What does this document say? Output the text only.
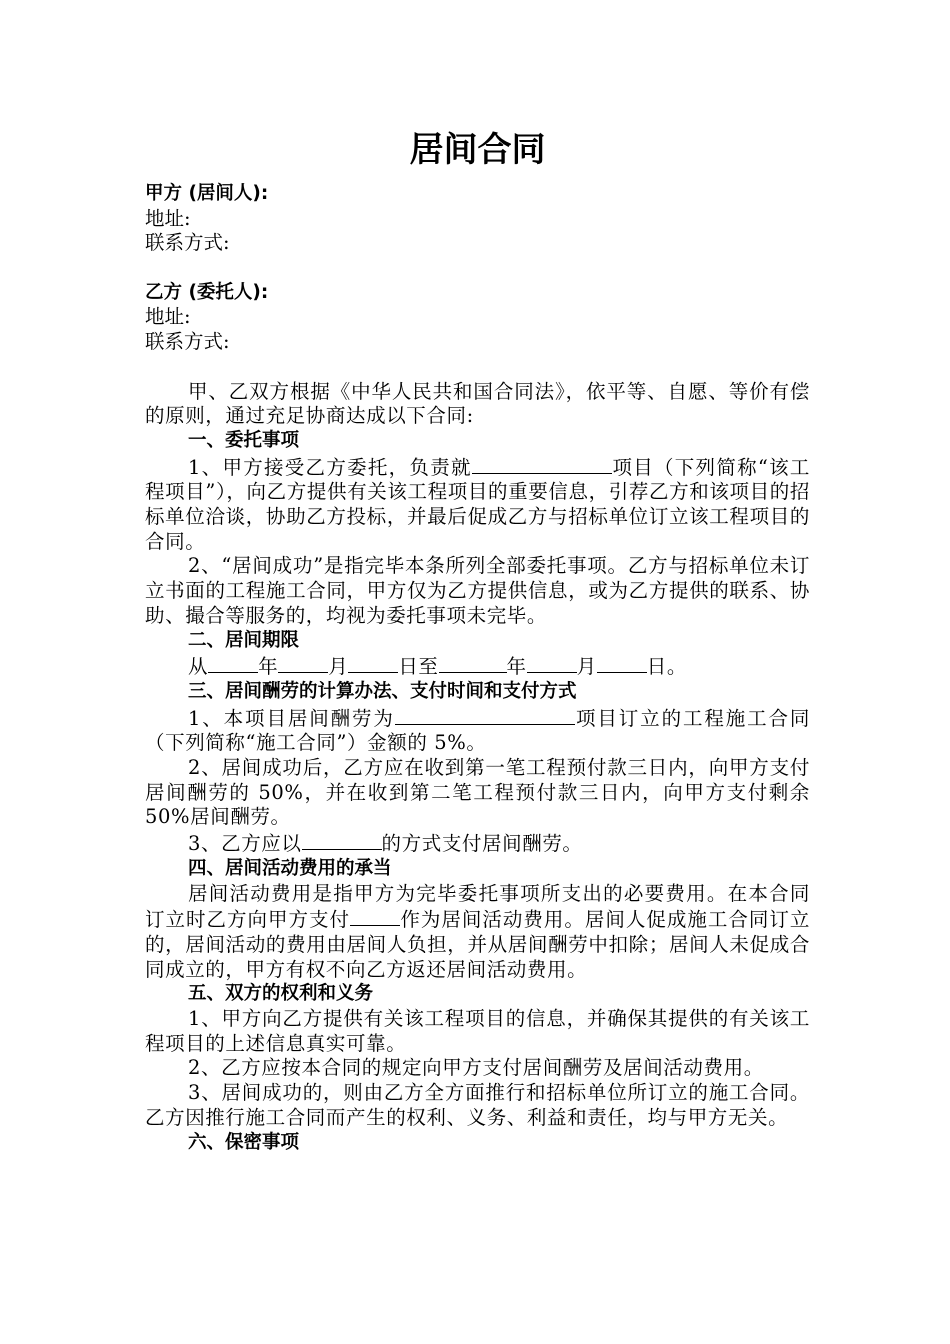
居间合同
甲方 (居间人):
地址:
联系方式:
乙方 (委托人):
地址:
联系方式:
甲、乙双方根据《中华人民共和国合同法》，依平等、自愿、等价有偿的原则，通过充足协商达成以下合同:
一、委托事项
1、甲方接受乙方委托，负责就	项目（下列简称“该工程项目”），向乙方提供有关该工程项目的重要信息，引荐乙方和该项目的招标单位洽谈，协助乙方投标，并最后促成乙方与招标单位订立该工程项目的合同。
2、“居间成功”是指完毕本条所列全部委托事项。乙方与招标单位未订立书面的工程施工合同，甲方仅为乙方提供信息，或为乙方提供的联系、协助、撮合等服务的，均视为委托事项未完毕。
二、居间期限
从	年	月	日至	年	月	日。
三、居间酬劳的计算办法、支付时间和支付方式
1、本项目居间酬劳为	项目订立的工程施工合同（下列简称“施工合同”）金额的 5%。
2、居间成功后，乙方应在收到第一笔工程预付款三日内，向甲方支付居间酬劳的 50%，并在收到第二笔工程预付款三日内，向甲方支付剩余 50%居间酬劳。
3、乙方应以	的方式支付居间酬劳。
四、居间活动费用的承当
居间活动费用是指甲方为完毕委托事项所支出的必要费用。在本合同订立时乙方向甲方支付	作为居间活动费用。居间人促成施工合同订立的，居间活动的费用由居间人负担，并从居间酬劳中扣除；居间人未促成合同成立的，甲方有权不向乙方返还居间活动费用。
五、双方的权利和义务
1、甲方向乙方提供有关该工程项目的信息，并确保其提供的有关该工程项目的上述信息真实可靠。
2、乙方应按本合同的规定向甲方支付居间酬劳及居间活动费用。
3、居间成功的，则由乙方全方面推行和招标单位所订立的施工合同。乙方因推行施工合同而产生的权利、义务、利益和责任，均与甲方无关。
六、保密事项
